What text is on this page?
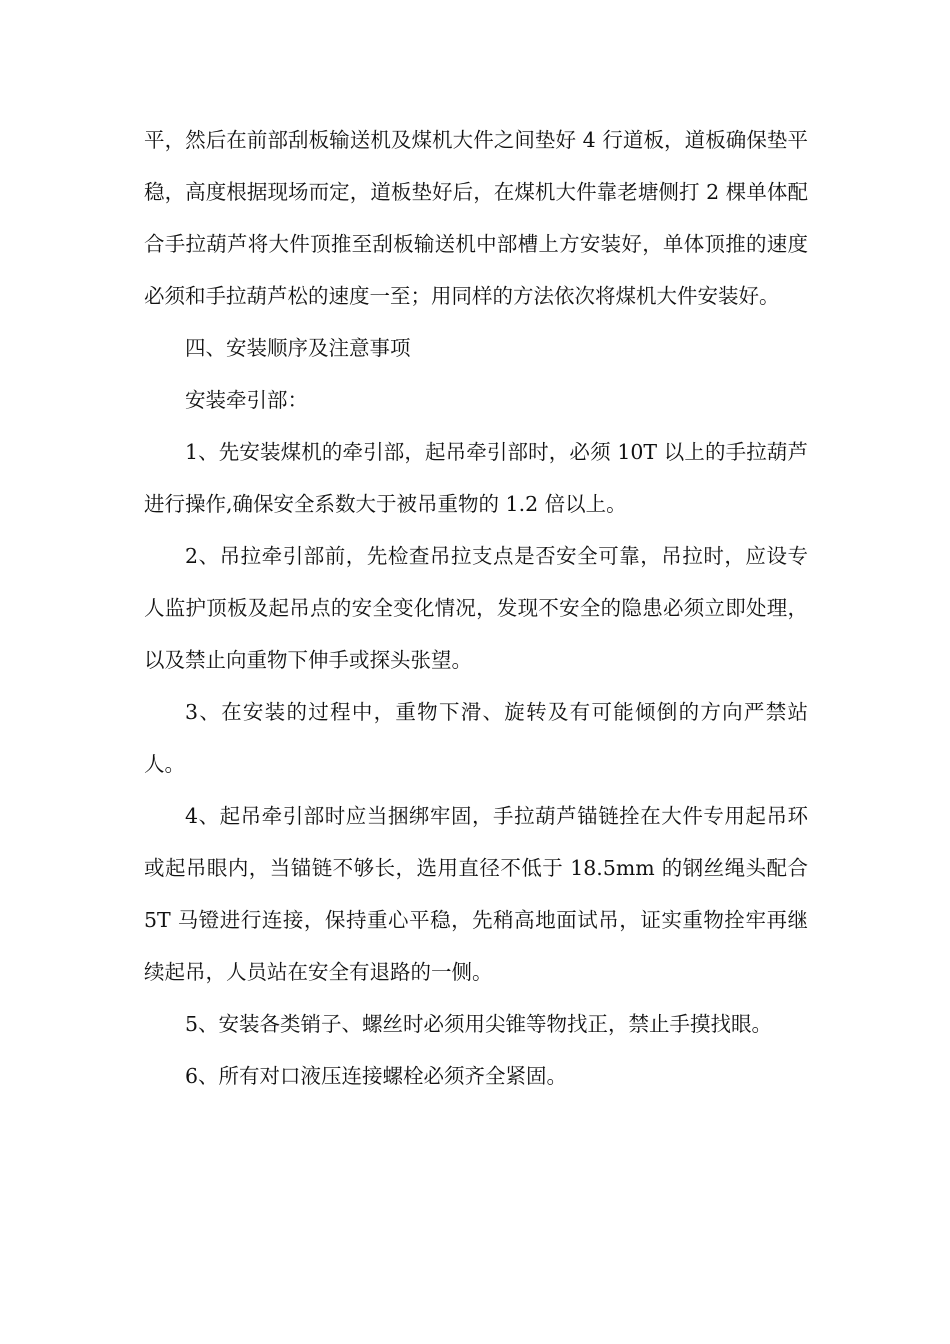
平，然后在前部刮板输送机及煤机大件之间垫好 4 行道板，道板确保垫平稳，高度根据现场而定，道板垫好后，在煤机大件靠老塘侧打 2 棵单体配合手拉葫芦将大件顶推至刮板输送机中部槽上方安装好，单体顶推的速度必须和手拉葫芦松的速度一至；用同样的方法依次将煤机大件安装好。

四、安装顺序及注意事项

安装牵引部：

1、先安装煤机的牵引部，起吊牵引部时，必须 10T 以上的手拉葫芦进行操作,确保安全系数大于被吊重物的 1.2 倍以上。

2、吊拉牵引部前，先检查吊拉支点是否安全可靠，吊拉时，应设专人监护顶板及起吊点的安全变化情况，发现不安全的隐患必须立即处理，以及禁止向重物下伸手或探头张望。

3、在安装的过程中，重物下滑、旋转及有可能倾倒的方向严禁站人。

4、起吊牵引部时应当捆绑牢固，手拉葫芦锚链拴在大件专用起吊环或起吊眼内，当锚链不够长，选用直径不低于 18.5mm 的钢丝绳头配合 5T 马镫进行连接，保持重心平稳，先稍高地面试吊，证实重物拴牢再继续起吊，人员站在安全有退路的一侧。

5、安装各类销子、螺丝时必须用尖锥等物找正，禁止手摸找眼。

6、所有对口液压连接螺栓必须齐全紧固。
